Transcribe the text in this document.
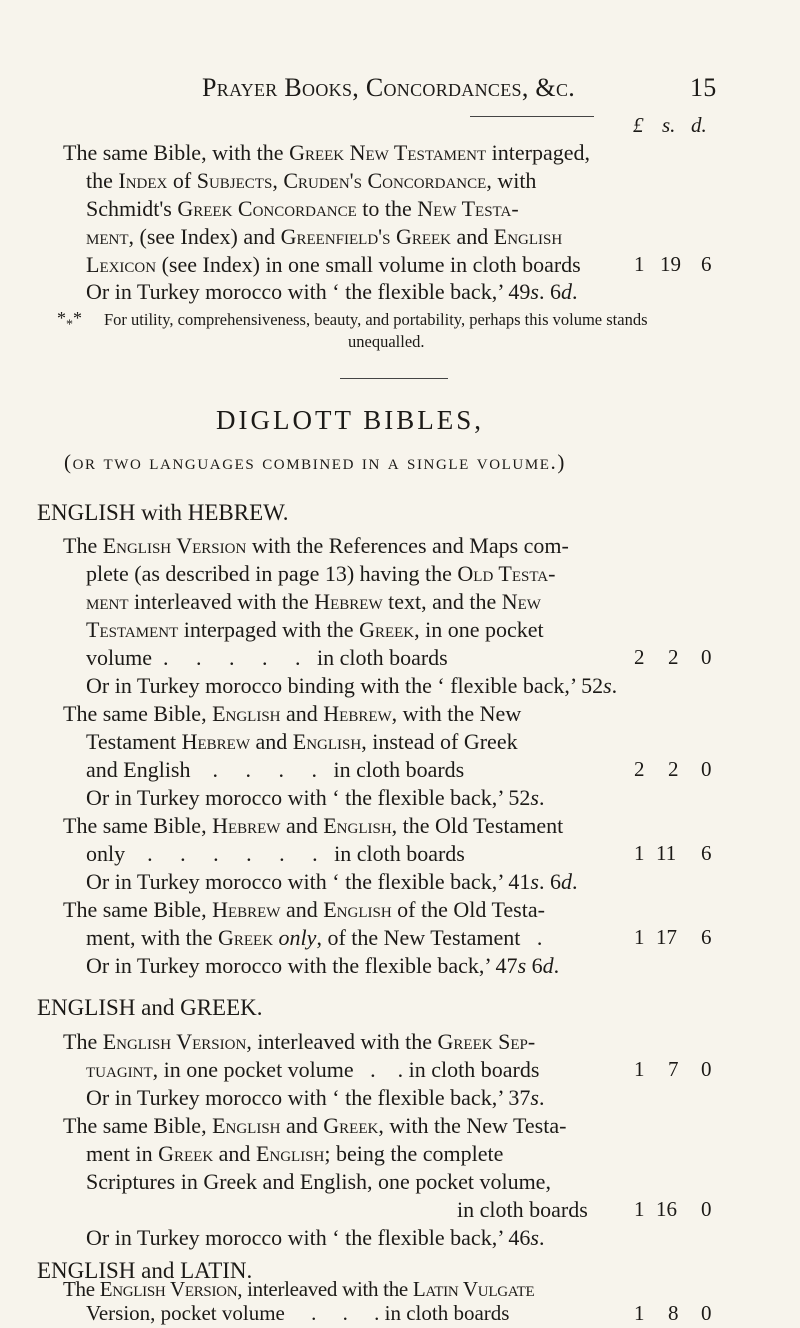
Prayer Books, Concordances, &c.	15
£ s. d.
The same Bible, with the Greek New Testament interpaged,
the Index of Subjects, Cruden's Concordance, with
Schmidt's Greek Concordance to the New Testa-
ment, (see Index) and Greenfield's Greek and English
Lexicon (see Index) in one small volume in cloth boards	1 19 6
Or in Turkey morocco with ‘ the flexible back,’ 49s. 6d.
$*_**$ For utility, comprehensiveness, beauty, and portability, perhaps this volume stands
unequalled.
DIGLOTT BIBLES,
(or two languages combined in a single volume.)
ENGLISH with HEBREW.
The English Version with the References and Maps com-
plete (as described in page 13) having the Old Testa-
ment interleaved with the Hebrew text, and the New
Testament interpaged with the Greek, in one pocket
volume  .     .     .     .     .   in cloth boards	2 2 0
Or in Turkey morocco binding with the ‘ flexible back,’ 52s.
The same Bible, English and Hebrew, with the New
Testament Hebrew and English, instead of Greek
and English    .     .     .     .   in cloth boards	2 2 0
Or in Turkey morocco with ‘ the flexible back,’ 52s.
The same Bible, Hebrew and English, the Old Testament
only    .     .     .     .     .     .   in cloth boards	1 11 6
Or in Turkey morocco with ‘ the flexible back,’ 41s. 6d.
The same Bible, Hebrew and English of the Old Testa-
ment, with the Greek only, of the New Testament   .	1 17 6
Or in Turkey morocco with the flexible back,’ 47s 6d.
ENGLISH and GREEK.
The English Version, interleaved with the Greek Sep-
tuagint, in one pocket volume   .    . in cloth boards	1 7 0
Or in Turkey morocco with ‘ the flexible back,’ 37s.
The same Bible, English and Greek, with the New Testa-
ment in Greek and English; being the complete
Scriptures in Greek and English, one pocket volume,
in cloth boards 1 16 0
Or in Turkey morocco with ‘ the flexible back,’ 46s.
ENGLISH and LATIN.
The English Version, interleaved with the Latin Vulgate
Version, pocket volume     .     .     . in cloth boards	1 8 0
